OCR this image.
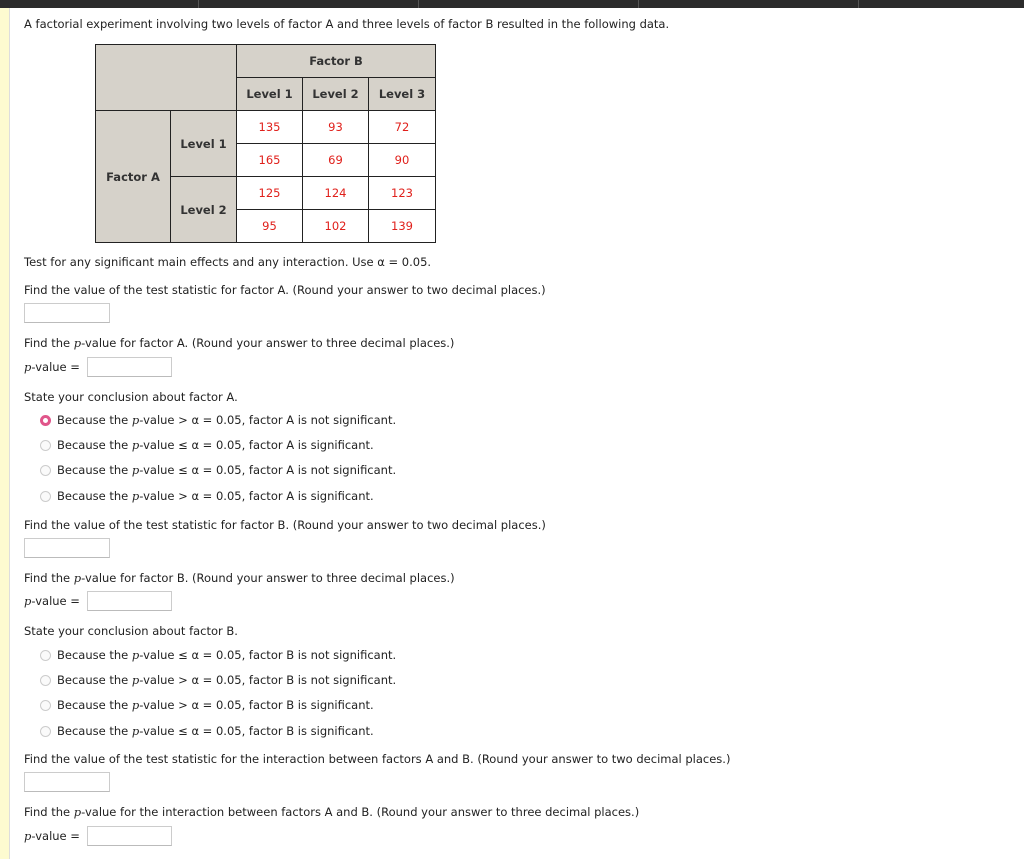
A factorial experiment involving two levels of factor A and three levels of factor B resulted in the following data.
		Factor B		
		Level 1	Level 2	Level 3
Factor A	Level 1	135	93	72
		165	69	90
	Level 2	125	124	123
		95	102	139
Test for any significant main effects and any interaction. Use α = 0.05.
Find the value of the test statistic for factor A. (Round your answer to two decimal places.)
Find the p-value for factor A. (Round your answer to three decimal places.)
p-value =
State your conclusion about factor A.
Because the p-value > α = 0.05, factor A is not significant.
Because the p-value ≤ α = 0.05, factor A is significant.
Because the p-value ≤ α = 0.05, factor A is not significant.
Because the p-value > α = 0.05, factor A is significant.
Find the value of the test statistic for factor B. (Round your answer to two decimal places.)
Find the p-value for factor B. (Round your answer to three decimal places.)
p-value =
State your conclusion about factor B.
Because the p-value ≤ α = 0.05, factor B is not significant.
Because the p-value > α = 0.05, factor B is not significant.
Because the p-value > α = 0.05, factor B is significant.
Because the p-value ≤ α = 0.05, factor B is significant.
Find the value of the test statistic for the interaction between factors A and B. (Round your answer to two decimal places.)
Find the p-value for the interaction between factors A and B. (Round your answer to three decimal places.)
p-value =
